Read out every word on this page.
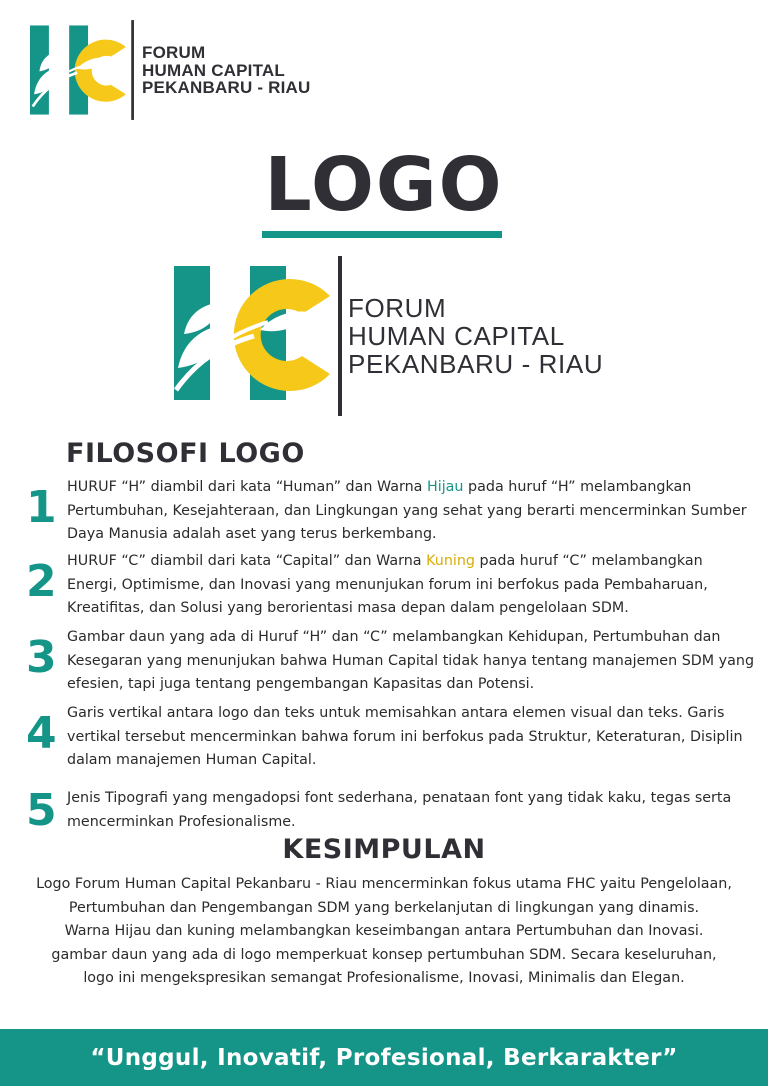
FORUM
HUMAN CAPITAL
PEKANBARU - RIAU
LOGO
FORUM
HUMAN CAPITAL
PEKANBARU - RIAU
FILOSOFI LOGO
1 HURUF “H” diambil dari kata “Human” dan Warna Hijau pada huruf “H” melambangkan Pertumbuhan, Kesejahteraan, dan Lingkungan yang sehat yang berarti mencerminkan Sumber Daya Manusia adalah aset yang terus berkembang.
2 HURUF “C” diambil dari kata “Capital” dan Warna Kuning pada huruf “C” melambangkan Energi, Optimisme, dan Inovasi yang menunjukan forum ini berfokus pada Pembaharuan, Kreatifitas, dan Solusi yang berorientasi masa depan dalam pengelolaan SDM.
3 Gambar daun yang ada di Huruf “H” dan “C” melambangkan Kehidupan, Pertumbuhan dan Kesegaran yang menunjukan bahwa Human Capital tidak hanya tentang manajemen SDM yang efesien, tapi juga tentang pengembangan Kapasitas dan Potensi.
4 Garis vertikal antara logo dan teks untuk memisahkan antara elemen visual dan teks. Garis vertikal tersebut mencerminkan bahwa forum ini berfokus pada Struktur, Keteraturan, Disiplin dalam manajemen Human Capital.
5 Jenis Tipografi yang mengadopsi font sederhana, penataan font yang tidak kaku, tegas serta mencerminkan Profesionalisme.
KESIMPULAN
Logo Forum Human Capital Pekanbaru - Riau mencerminkan fokus utama FHC yaitu Pengelolaan,
Pertumbuhan dan Pengembangan SDM yang berkelanjutan di lingkungan yang dinamis.
Warna Hijau dan kuning melambangkan keseimbangan antara Pertumbuhan dan Inovasi.
gambar daun yang ada di logo memperkuat konsep pertumbuhan SDM. Secara keseluruhan,
logo ini mengekspresikan semangat Profesionalisme, Inovasi, Minimalis dan Elegan.
“Unggul, Inovatif, Profesional, Berkarakter”
